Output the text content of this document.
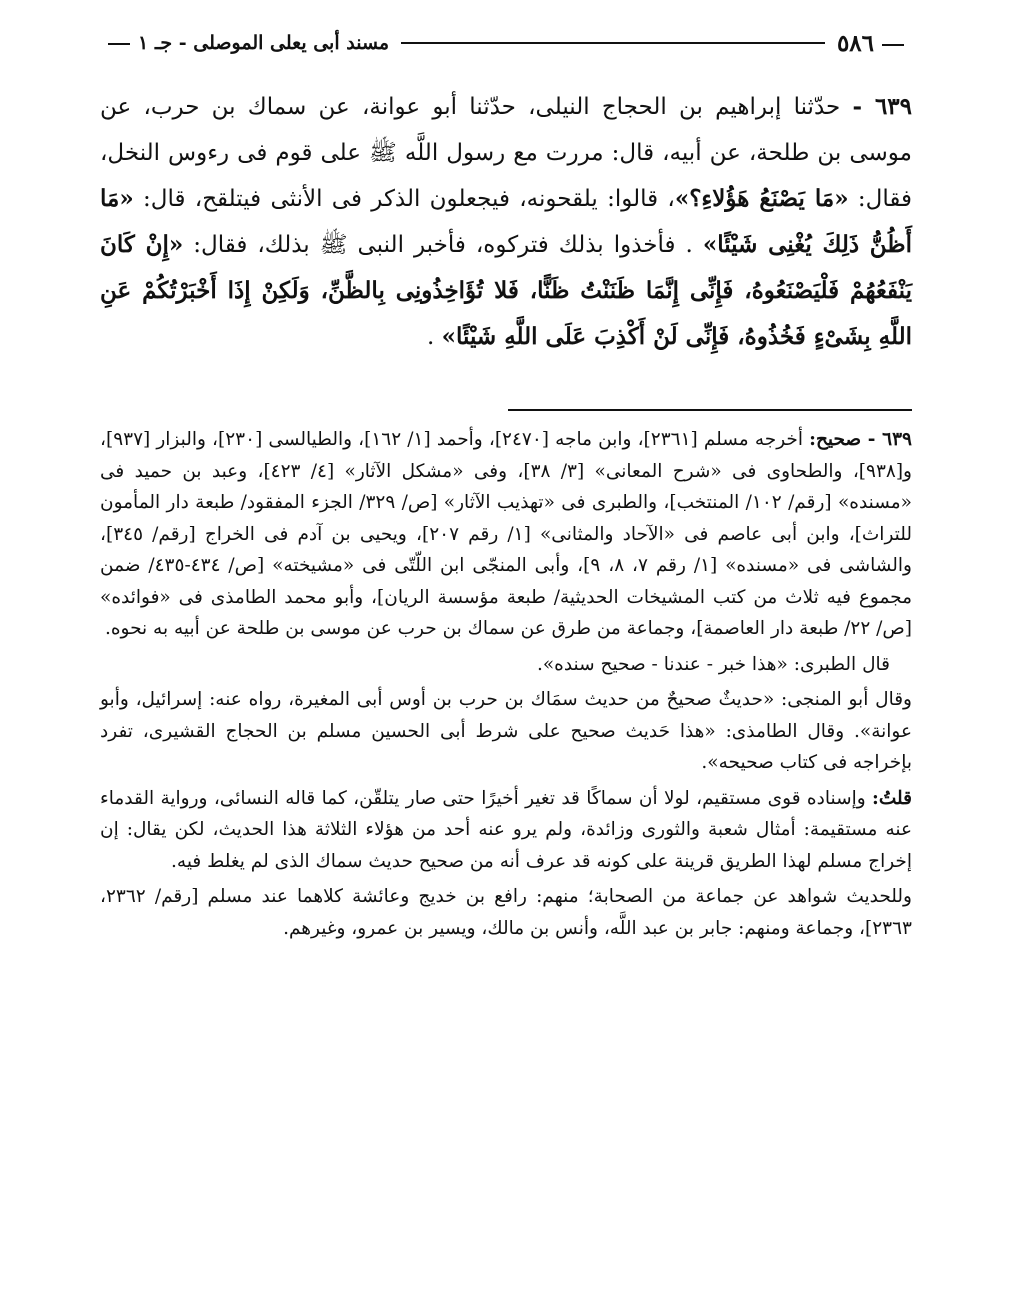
٥٨٦
مسند أبى يعلى الموصلى
- جـ ١
٦٣٩ - حدّثنا إبراهيم بن الحجاج النيلى، حدّثنا أبو عوانة، عن سماك بن حرب، عن موسى بن طلحة، عن أبيه، قال: مررت مع رسول اللَّه ﷺ على قوم فى رءوس النخل، فقال: «مَا يَصْنَعُ هَؤُلاءِ؟»، قالوا: يلقحونه، فيجعلون الذكر فى الأنثى فيتلقح، قال: «مَا أَظُنُّ ذَلِكَ يُغْنِى شَيْئًا» . فأخذوا بذلك فتركوه، فأخبر النبى ﷺ بذلك، فقال: «إِنْ كَانَ يَنْفَعُهُمْ فَلْيَصْنَعُوهُ، فَإِنِّى إِنَّمَا ظَنَنْتُ ظَنًّا، فَلا تُؤَاخِذُونِى بِالظَّنِّ، وَلَكِنْ إِذَا أَخْبَرْتُكُمْ عَنِ اللَّهِ بِشَىْءٍ فَخُذُوهُ، فَإِنِّى لَنْ أَكْذِبَ عَلَى اللَّهِ شَيْئًا» .

٦٣٩ - صحيح: أخرجه مسلم [٢٣٦١]، وابن ماجه [٢٤٧٠]، وأحمد [١/ ١٦٢]، والطيالسى [٢٣٠]، والبزار [٩٣٧]، و[٩٣٨]، والطحاوى فى «شرح المعانى» [٣/ ٣٨]، وفى «مشكل الآثار» [٤/ ٤٢٣]، وعبد بن حميد فى «مسنده» [رقم/ ١٠٢/ المنتخب]، والطبرى فى «تهذيب الآثار» [ص/ ٣٢٩/ الجزء المفقود/ طبعة دار المأمون للتراث]، وابن أبى عاصم فى «الآحاد والمثانى» [١/ رقم ٢٠٧]، ويحيى بن آدم فى الخراج [رقم/ ٣٤٥]، والشاشى فى «مسنده» [١/ رقم ٧، ٨، ٩]، وأبى المنجّى ابن اللّتّى فى «مشيخته» [ص/ ٤٣٤-٤٣٥/ ضمن مجموع فيه ثلاث من كتب المشيخات الحديثية/ طبعة مؤسسة الريان]، وأبو محمد الطامذى فى «فوائده» [ص/ ٢٢/ طبعة دار العاصمة]، وجماعة من طرق عن سماك بن حرب عن موسى بن طلحة عن أبيه به نحوه.

قال الطبرى: «هذا خبر - عندنا - صحيح سنده».

وقال أبو المنجى: «حديثٌ صحيحٌ من حديث سمَاك بن حرب بن أوس أبى المغيرة، رواه عنه: إسرائيل، وأبو عوانة». وقال الطامذى: «هذا حَديث صحيح على شرط أبى الحسين مسلم بن الحجاج القشيرى، تفرد بإخراجه فى كتاب صحيحه».

قلتُ: وإسناده قوى مستقيم، لولا أن سماكًا قد تغير أخيرًا حتى صار يتلقّن، كما قاله النسائى، ورواية القدماء عنه مستقيمة: أمثال شعبة والثورى وزائدة، ولم يرو عنه أحد من هؤلاء الثلاثة هذا الحديث، لكن يقال: إن إخراج مسلم لهذا الطريق قرينة على كونه قد عرف أنه من صحيح حديث سماك الذى لم يغلط فيه.

وللحديث شواهد عن جماعة من الصحابة؛ منهم: رافع بن خديج وعائشة كلاهما عند مسلم [رقم/ ٢٣٦٢، ٢٣٦٣]، وجماعة ومنهم: جابر بن عبد اللَّه، وأنس بن مالك، ويسير بن عمرو، وغيرهم.
